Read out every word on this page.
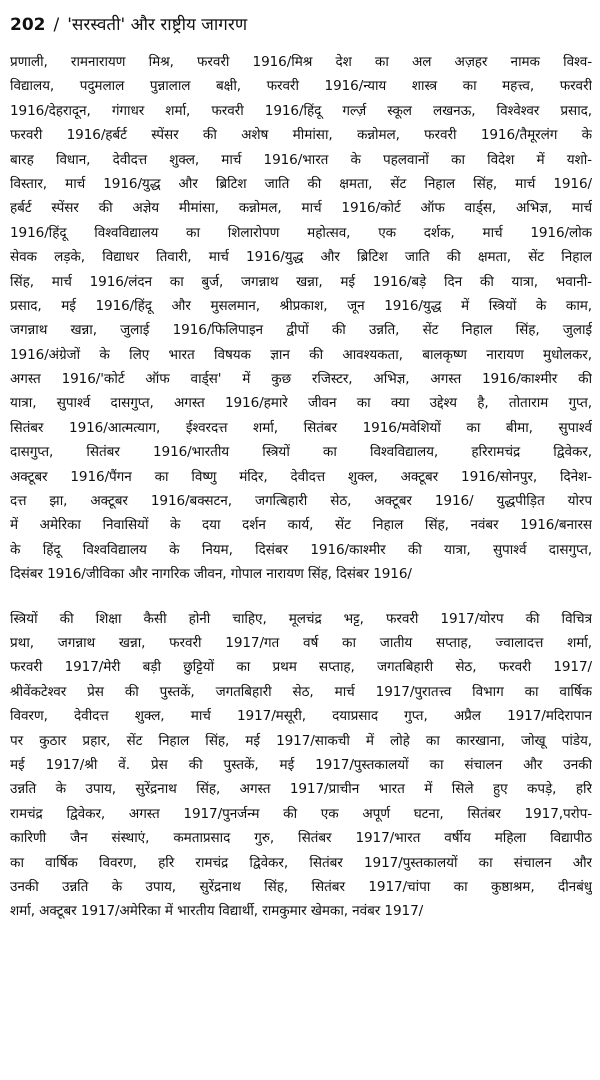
202 / 'सरस्वती' और राष्ट्रीय जागरण
प्रणाली, रामनारायण मिश्र, फरवरी 1916/मिश्र देश का अल अज़हर नामक विश्व-
विद्यालय, पदुमलाल पुन्नालाल बक्षी, फरवरी 1916/न्याय शास्त्र का महत्त्व, फरवरी
1916/देहरादून, गंगाधर शर्मा, फरवरी 1916/हिंदू गर्ल्ज़ स्कूल लखनऊ, विश्वेश्वर प्रसाद,
फरवरी 1916/हर्बर्ट स्पेंसर की अशेष मीमांसा, कन्नोमल, फरवरी 1916/तैमूरलंग के
बारह विधान, देवीदत्त शुक्ल, मार्च 1916/भारत के पहलवानों का विदेश में यशो-
विस्तार, मार्च 1916/युद्ध और ब्रिटिश जाति की क्षमता, सेंट निहाल सिंह, मार्च 1916/
हर्बर्ट स्पेंसर की अज्ञेय मीमांसा, कन्नोमल, मार्च 1916/कोर्ट ऑफ वार्ड्स, अभिज्ञ, मार्च
1916/हिंदू विश्वविद्यालय का शिलारोपण महोत्सव, एक दर्शक, मार्च 1916/लोक
सेवक लड़के, विद्याधर तिवारी, मार्च 1916/युद्ध और ब्रिटिश जाति की क्षमता, सेंट निहाल
सिंह, मार्च 1916/लंदन का बुर्ज, जगन्नाथ खन्ना, मई 1916/बड़े दिन की यात्रा, भवानी-
प्रसाद, मई 1916/हिंदू और मुसलमान, श्रीप्रकाश, जून 1916/युद्ध में स्त्रियों के काम,
जगन्नाथ खन्ना, जुलाई 1916/फिलिपाइन द्वीपों की उन्नति, सेंट निहाल सिंह, जुलाई
1916/अंग्रेजों के लिए भारत विषयक ज्ञान की आवश्यकता, बालकृष्ण नारायण मुधोलकर,
अगस्त 1916/'कोर्ट ऑफ वार्ड्स' में कुछ रजिस्टर, अभिज्ञ, अगस्त 1916/काश्मीर की
यात्रा, सुपार्श्व दासगुप्त, अगस्त 1916/हमारे जीवन का क्या उद्देश्य है, तोताराम गुप्त,
सितंबर 1916/आत्मत्याग, ईश्वरदत्त शर्मा, सितंबर 1916/मवेशियों का बीमा, सुपार्श्व
दासगुप्त, सितंबर 1916/भारतीय स्त्रियों का विश्वविद्यालय, हरिरामचंद्र द्विवेकर,
अक्टूबर 1916/पैंगन का विष्णु मंदिर, देवीदत्त शुक्ल, अक्टूबर 1916/सोनपुर, दिनेश-
दत्त झा, अक्टूबर 1916/बक्सटन, जगत्बिहारी सेठ, अक्टूबर 1916/ युद्धपीड़ित योरप
में अमेरिका निवासियों के दया दर्शन कार्य, सेंट निहाल सिंह, नवंबर 1916/बनारस
के हिंदू विश्वविद्यालय के नियम, दिसंबर 1916/काश्मीर की यात्रा, सुपार्श्व दासगुप्त,
दिसंबर 1916/जीविका और नागरिक जीवन, गोपाल नारायण सिंह, दिसंबर 1916/
स्त्रियों की शिक्षा कैसी होनी चाहिए, मूलचंद्र भट्ट, फरवरी 1917/योरप की विचित्र
प्रथा, जगन्नाथ खन्ना, फरवरी 1917/गत वर्ष का जातीय सप्ताह, ज्वालादत्त शर्मा,
फरवरी 1917/मेरी बड़ी छुट्टियों का प्रथम सप्ताह, जगतबिहारी सेठ, फरवरी 1917/
श्रीवेंकटेश्वर प्रेस की पुस्तकें, जगतबिहारी सेठ, मार्च 1917/पुरातत्त्व विभाग का वार्षिक
विवरण, देवीदत्त शुक्ल, मार्च 1917/मसूरी, दयाप्रसाद गुप्त, अप्रैल 1917/मदिरापान
पर कुठार प्रहार, सेंट निहाल सिंह, मई 1917/साकची में लोहे का कारखाना, जोखू पांडेय,
मई 1917/श्री वें. प्रेस की पुस्तकें, मई 1917/पुस्तकालयों का संचालन और उनकी
उन्नति के उपाय, सुरेंद्रनाथ सिंह, अगस्त 1917/प्राचीन भारत में सिले हुए कपड़े, हरि
रामचंद्र द्विवेकर, अगस्त 1917/पुनर्जन्म की एक अपूर्ण घटना, सितंबर 1917,परोप-
कारिणी जैन संस्थाएं, कमताप्रसाद गुरु, सितंबर 1917/भारत वर्षीय महिला विद्यापीठ
का वार्षिक विवरण, हरि रामचंद्र द्विवेकर, सितंबर 1917/पुस्तकालयों का संचालन और
उनकी उन्नति के उपाय, सुरेंद्रनाथ सिंह, सितंबर 1917/चांपा का कुष्ठाश्रम, दीनबंधु
शर्मा, अक्टूबर 1917/अमेरिका में भारतीय विद्यार्थी, रामकुमार खेमका, नवंबर 1917/
